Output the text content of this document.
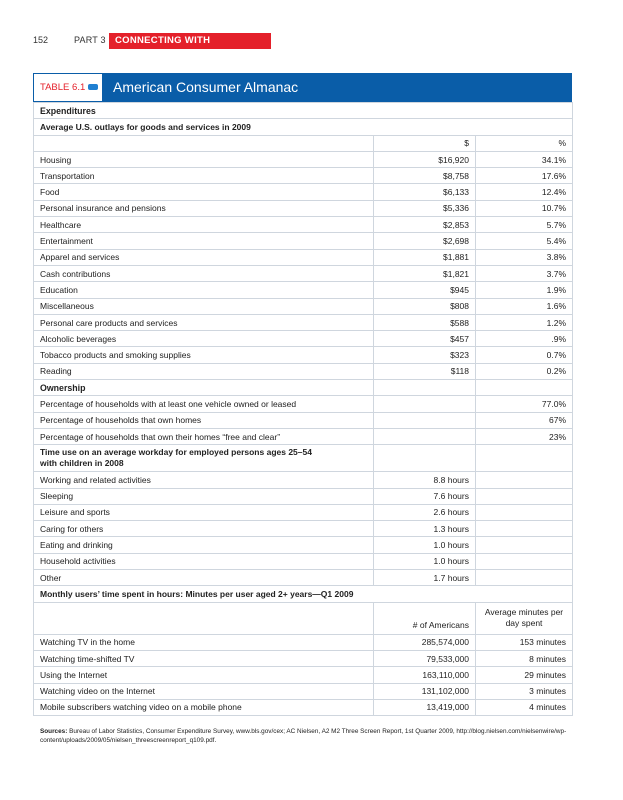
152	PART 3 CONNECTING WITH CUSTOMERS
TABLE 6.1	American Consumer Almanac
Expenditures		
Average U.S. outlays for goods and services in 2009		
	$	%
Housing	$16,920	34.1%
Transportation	$8,758	17.6%
Food	$6,133	12.4%
Personal insurance and pensions	$5,336	10.7%
Healthcare	$2,853	5.7%
Entertainment	$2,698	5.4%
Apparel and services	$1,881	3.8%
Cash contributions	$1,821	3.7%
Education	$945	1.9%
Miscellaneous	$808	1.6%
Personal care products and services	$588	1.2%
Alcoholic beverages	$457	.9%
Tobacco products and smoking supplies	$323	0.7%
Reading	$118	0.2%
Ownership		
Percentage of households with at least one vehicle owned or leased		77.0%
Percentage of households that own homes		67%
Percentage of households that own their homes “free and clear”		23%
Time use on an average workday for employed persons ages 25–54 with children in 2008		
Working and related activities	8.8 hours	
Sleeping	7.6 hours	
Leisure and sports	2.6 hours	
Caring for others	1.3 hours	
Eating and drinking	1.0 hours	
Household activities	1.0 hours	
Other	1.7 hours	
Monthly users’ time spent in hours: Minutes per user aged 2+ years—Q1 2009		
	# of Americans	Average minutes per day spent
Watching TV in the home	285,574,000	153 minutes
Watching time-shifted TV	79,533,000	8 minutes
Using the Internet	163,110,000	29 minutes
Watching video on the Internet	131,102,000	3 minutes
Mobile subscribers watching video on a mobile phone	13,419,000	4 minutes
Sources: Bureau of Labor Statistics, Consumer Expenditure Survey, www.bls.gov/cex; AC Nielsen, A2 M2 Three Screen Report, 1st Quarter 2009, http://blog.nielsen.com/nielsenwire/wp-content/uploads/2009/05/nielsen_threescreenreport_q109.pdf.
